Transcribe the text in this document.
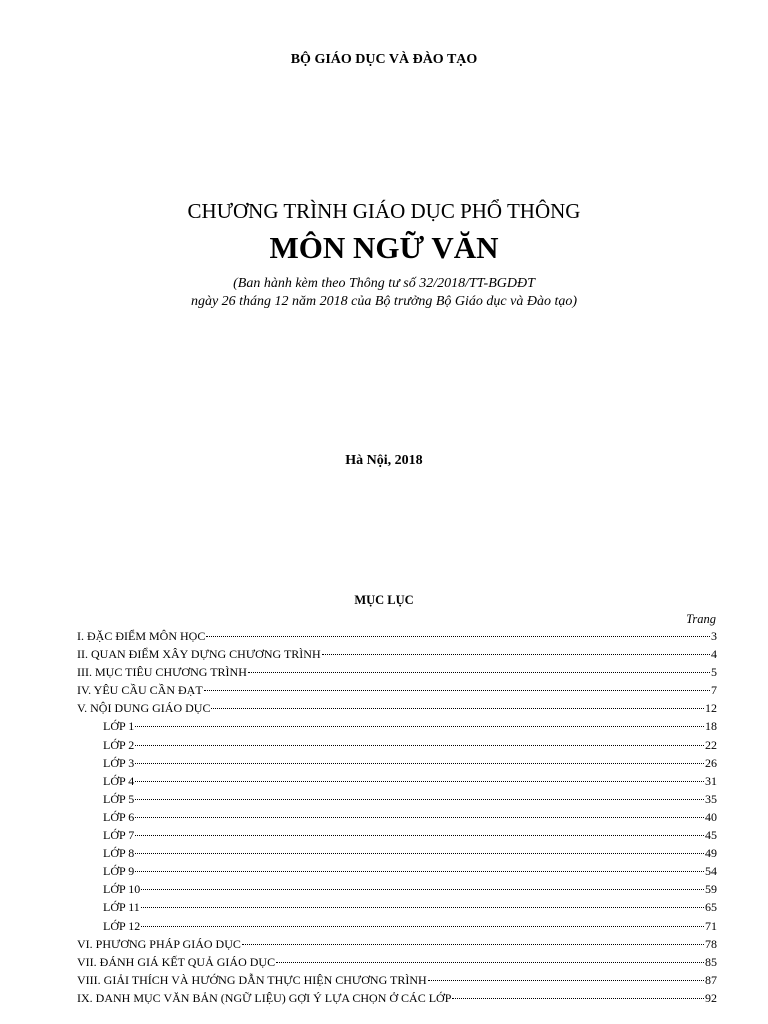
BỘ GIÁO DỤC VÀ ĐÀO TẠO
CHƯƠNG TRÌNH GIÁO DỤC PHỔ THÔNG
MÔN NGỮ VĂN
(Ban hành kèm theo Thông tư số 32/2018/TT-BGDĐT
ngày 26 tháng 12 năm 2018 của Bộ trưởng Bộ Giáo dục và Đào tạo)
Hà Nội, 2018
MỤC LỤC
Trang
I. ĐẶC ĐIỂM MÔN HỌC	3
II. QUAN ĐIỂM XÂY DỰNG CHƯƠNG TRÌNH	4
III. MỤC TIÊU CHƯƠNG TRÌNH	5
IV. YÊU CẦU CẦN ĐẠT	7
V. NỘI DUNG GIÁO DỤC	12
LỚP 1	18
LỚP 2	22
LỚP 3	26
LỚP 4	31
LỚP 5	35
LỚP 6	40
LỚP 7	45
LỚP 8	49
LỚP 9	54
LỚP 10	59
LỚP 11	65
LỚP 12	71
VI. PHƯƠNG PHÁP GIÁO DỤC	78
VII. ĐÁNH GIÁ KẾT QUẢ GIÁO DỤC	85
VIII. GIẢI THÍCH VÀ HƯỚNG DẪN THỰC HIỆN CHƯƠNG TRÌNH	87
IX. DANH MỤC VĂN BẢN (NGỮ LIỆU) GỢI Ý LỰA CHỌN Ở CÁC LỚP	92
